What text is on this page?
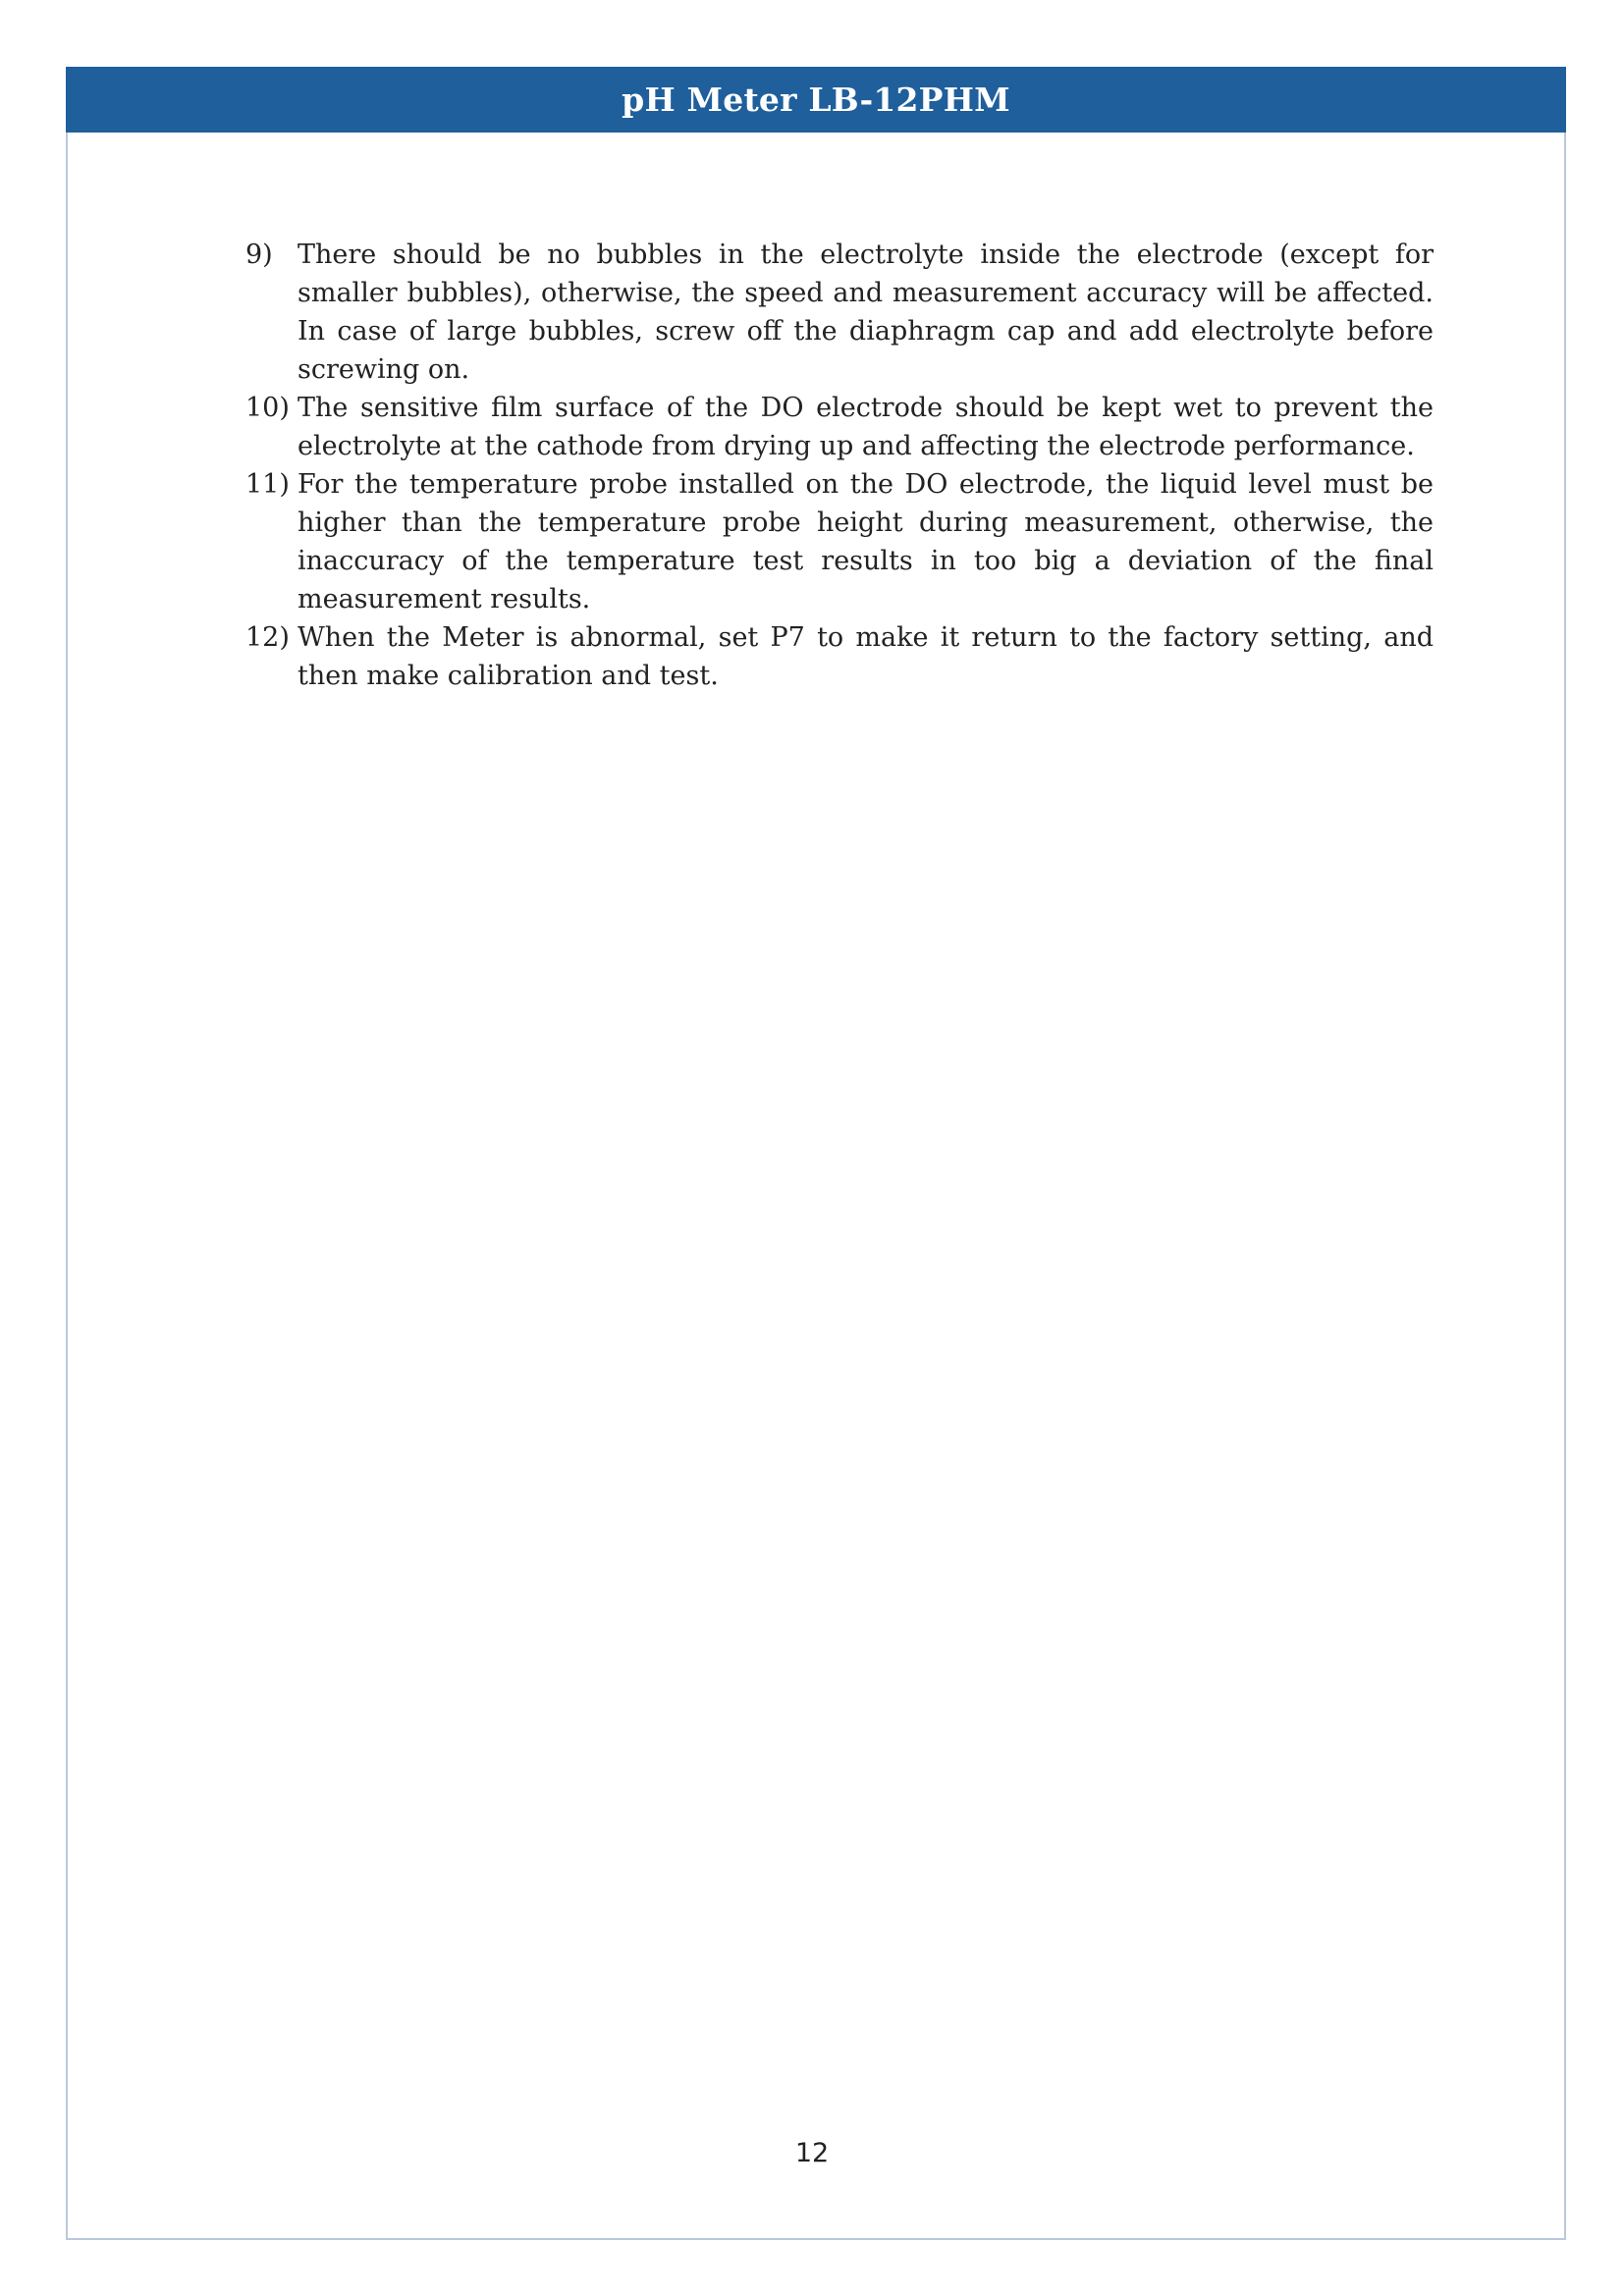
pH Meter LB-12PHM
9) There should be no bubbles in the electrolyte inside the electrode (except for smaller bubbles), otherwise, the speed and measurement accuracy will be affected. In case of large bubbles, screw off the diaphragm cap and add electrolyte before screwing on.
10) The sensitive film surface of the DO electrode should be kept wet to prevent the electrolyte at the cathode from drying up and affecting the electrode performance.
11) For the temperature probe installed on the DO electrode, the liquid level must be higher than the temperature probe height during measurement, otherwise, the inaccuracy of the temperature test results in too big a deviation of the final measurement results.
12) When the Meter is abnormal, set P7 to make it return to the factory setting, and then make calibration and test.
12
